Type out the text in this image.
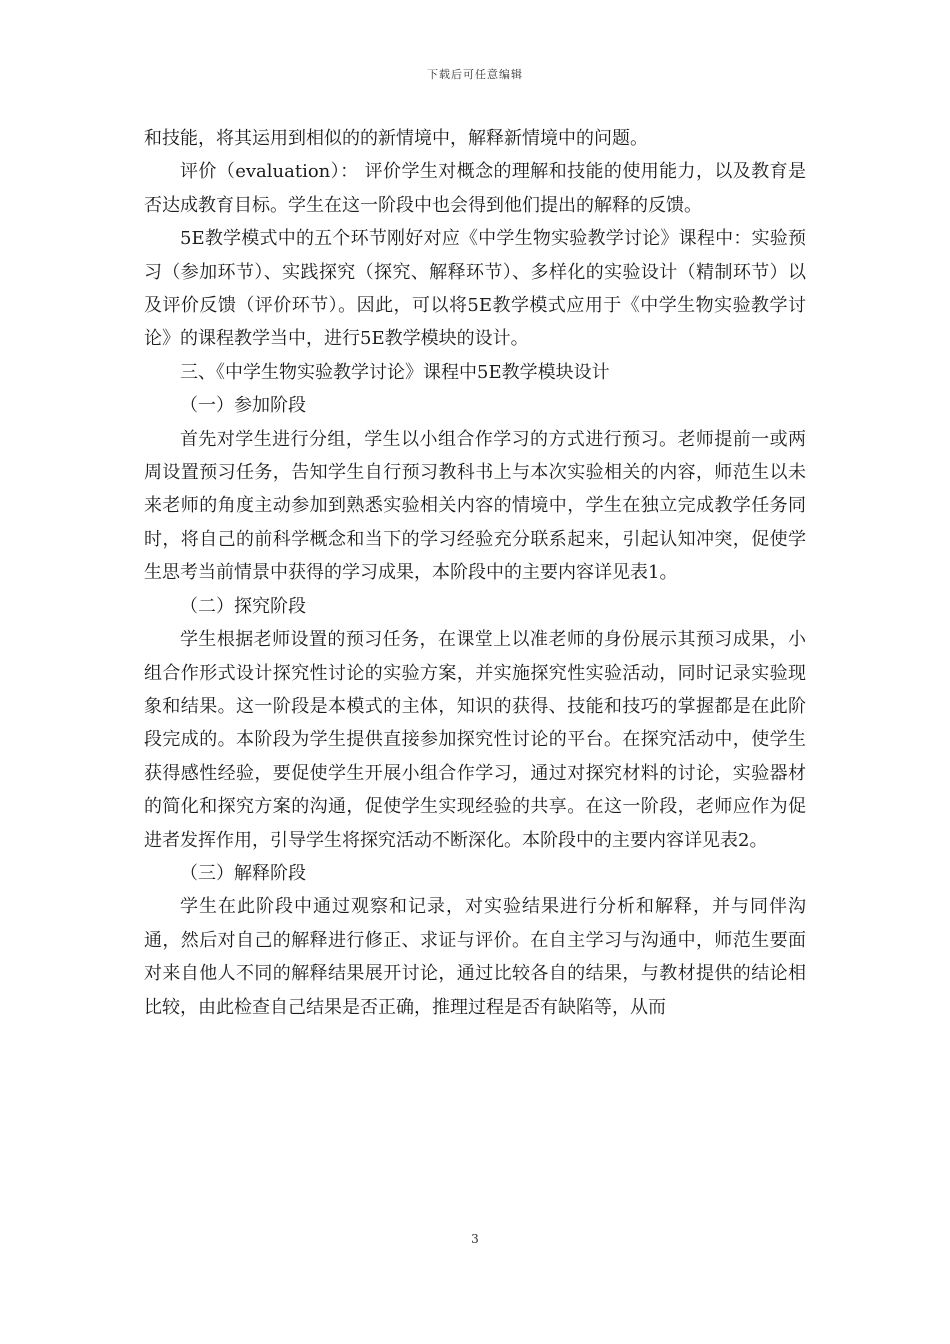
下载后可任意编辑

和技能，将其运用到相似的的新情境中，解释新情境中的问题。

评价（evaluation）： 评价学生对概念的理解和技能的使用能力，以及教育是否达成教育目标。学生在这一阶段中也会得到他们提出的解释的反馈。

5E教学模式中的五个环节刚好对应《中学生物实验教学讨论》课程中：实验预习（参加环节）、实践探究（探究、解释环节）、多样化的实验设计（精制环节）以及评价反馈（评价环节）。因此，可以将5E教学模式应用于《中学生物实验教学讨论》的课程教学当中，进行5E教学模块的设计。

三、《中学生物实验教学讨论》课程中5E教学模块设计

（一）参加阶段

首先对学生进行分组，学生以小组合作学习的方式进行预习。老师提前一或两周设置预习任务，告知学生自行预习教科书上与本次实验相关的内容，师范生以未来老师的角度主动参加到熟悉实验相关内容的情境中，学生在独立完成教学任务同时，将自己的前科学概念和当下的学习经验充分联系起来，引起认知冲突，促使学生思考当前情景中获得的学习成果，本阶段中的主要内容详见表1。

（二）探究阶段

学生根据老师设置的预习任务，在课堂上以准老师的身份展示其预习成果，小组合作形式设计探究性讨论的实验方案，并实施探究性实验活动，同时记录实验现象和结果。这一阶段是本模式的主体，知识的获得、技能和技巧的掌握都是在此阶段完成的。本阶段为学生提供直接参加探究性讨论的平台。在探究活动中，使学生获得感性经验，要促使学生开展小组合作学习，通过对探究材料的讨论，实验器材的简化和探究方案的沟通，促使学生实现经验的共享。在这一阶段，老师应作为促进者发挥作用，引导学生将探究活动不断深化。本阶段中的主要内容详见表2。

（三）解释阶段

学生在此阶段中通过观察和记录，对实验结果进行分析和解释，并与同伴沟通，然后对自己的解释进行修正、求证与评价。在自主学习与沟通中，师范生要面对来自他人不同的解释结果展开讨论，通过比较各自的结果，与教材提供的结论相比较，由此检查自己结果是否正确，推理过程是否有缺陷等，从而

3
